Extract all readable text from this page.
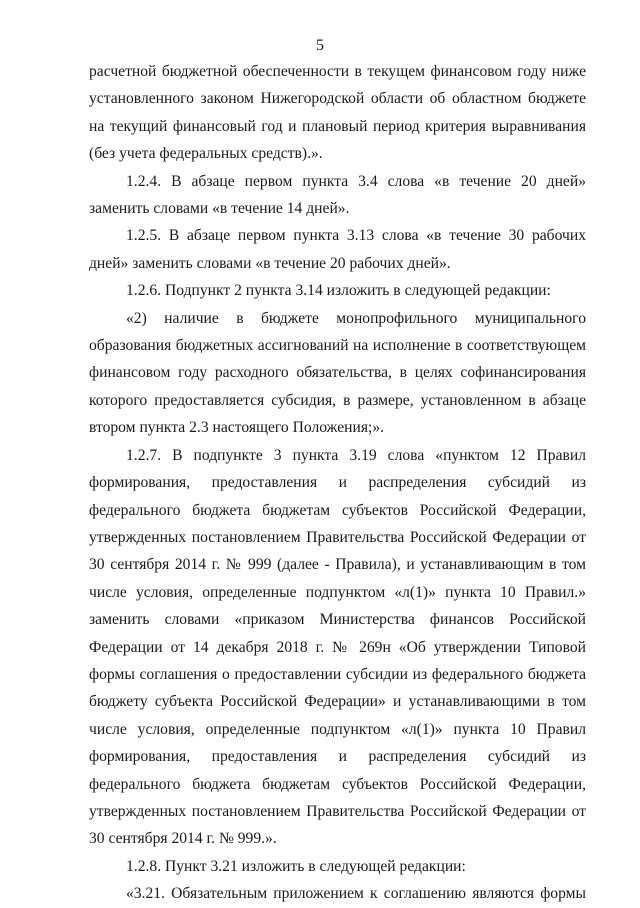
5

расчетной бюджетной обеспеченности в текущем финансовом году ниже установленного законом Нижегородской области об областном бюджете на текущий финансовый год и плановый период критерия выравнивания (без учета федеральных средств).».

1.2.4. В абзаце первом пункта 3.4 слова «в течение 20 дней» заменить словами «в течение 14 дней».

1.2.5. В абзаце первом пункта 3.13 слова «в течение 30 рабочих дней» заменить словами «в течение 20 рабочих дней».

1.2.6. Подпункт 2 пункта 3.14 изложить в следующей редакции:

«2) наличие в бюджете монопрофильного муниципального образования бюджетных ассигнований на исполнение в соответствующем финансовом году расходного обязательства, в целях софинансирования которого предоставляется субсидия, в размере, установленном в абзаце втором пункта 2.3 настоящего Положения;».

1.2.7. В подпункте 3 пункта 3.19 слова «пунктом 12 Правил формирования, предоставления и распределения субсидий из федерального бюджета бюджетам субъектов Российской Федерации, утвержденных постановлением Правительства Российской Федерации от 30 сентября 2014 г. № 999 (далее - Правила), и устанавливающим в том числе условия, определенные подпунктом «л(1)» пункта 10 Правил.» заменить словами «приказом Министерства финансов Российской Федерации от 14 декабря 2018 г. № 269н «Об утверждении Типовой формы соглашения о предоставлении субсидии из федерального бюджета бюджету субъекта Российской Федерации» и устанавливающими в том числе условия, определенные подпунктом «л(1)» пункта 10 Правил формирования, предоставления и распределения субсидий из федерального бюджета бюджетам субъектов Российской Федерации, утвержденных постановлением Правительства Российской Федерации от 30 сентября 2014 г. № 999.».

1.2.8. Пункт 3.21 изложить в следующей редакции:

«3.21. Обязательным приложением к соглашению являются формы
